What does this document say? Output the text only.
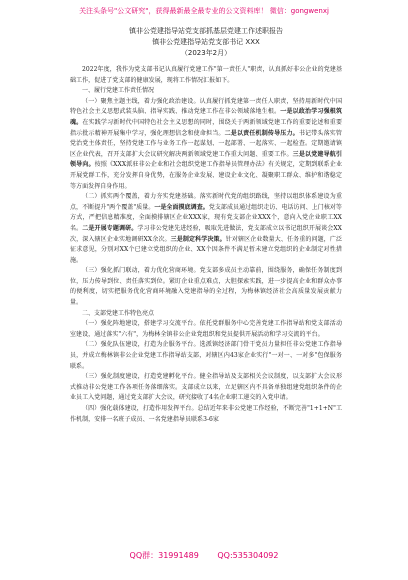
关注头条号"公文研究"，获得最新最全最专业的公文资料库！ 微信：gongwenxj
镇非公党建指导站党支部抓基层党建工作述职报告
镇非公党建指导站党支部书记 XXX
（2023年2月）

2022年度，我作为党支部书记认真履行党建工作"第一责任人"职责，认真抓好非公企业的党建基础工作，促进了党支部的健康发展，现将工作情况汇报如下。

一、履行党建工作责任情况

（一）聚焦主题主线，着力强化政治建设。认真履行抓党建第一责任人职责，坚持用新时代中国特色社会主义思想武装头脑、指导实践、推动党建工作在非公领域落地生根。一是以政治学习强根筑魂。在实践学习新时代中国特色社会主义思想的同时，围绕关于两新领域党建工作的重要论述和重要指示批示精神开展集中学习，强化理想信念和使命担当。二是以责任机制传导压力。书记带头落实管党治党主体责任，坚持党建工作与业务工作一起谋划、一起部署、一起落实、一起检查。定期邀请镇区企业代表，召开支部扩大会议研究解决两新领域党建工作重大问题、重要工作。三是以党建导航引领导向。按照《XXX派驻非公企业和社会组织党建工作指导员管理办法》有关规定，定期到联系企业开展党群工作，充分发挥自身优势，在服务企业发展、建设企业文化、凝聚职工群众、维护和谐稳定等方面发挥自身作用。

（二）抓实两个覆盖，着力夯实党建基础。落实新时代党的组织路线，坚持以组织体系建设为重点，不断提升"两个覆盖"质量。一是全面摸底调查。党支部成员通过组织走访、电话访问、上门核对等方式，严把信息精准度，全面摸排辖区企业XXX家，现有党支部企业XXX个，意向入党企业职工XX名。二是开展专题调研。学习非公党建先进经验，吸取先进做法，党支部成立以书记组织开展谈会XX次，深入辖区企业实地调研XX余次。三是制定科学决策。针对辖区企业数量大、任务重的问题，广泛征求意见，分别对XX个已建立党组织的企业、XX个因条件不满足暂未建立党组织的企业制定对性措施。

（三）强化抓门联动，着力优化营商环境。党支部多成员主动靠前，围绕服务，确保任务制度到位，压力传导到位、责任落实到位。紧盯企业重点难点，大胆探索实践，进一步提高企业和群众办事的便利度，切实把服务优化营商环境融入党建指导的全过程，为梅林镇经济社会高质量发展贡献力量。

二、支部党建工作特色亮点

（一）强化阵地建设，搭建学习交流平台。依托党群服务中心完善党建工作指导站和党支部活动室建设，通过落实"六有"，为梅林全镇非公企业党组织和党员提供开展活动和学习交流的平台。

（二）强化队伍建设，打造为企服务平台。选派镇经济部门骨干党员力量担任非公党建工作指导员，并成立梅林镇非公企业党建工作指导站支部，对辖区内43家企业实行"一对一、一对多"包保服务联系。

（三）强化制度建设，打造党建孵化平台。健全指导站及支部相关会议制度，以支部扩大会议形式推动非公党建工作各项任务落细落实。支部成立以来，立足辖区内不具备单独组建党组织条件的企业员工入党问题，通过党支部扩大会议，研究接收了4名企业职工递交的入党申请。

（四）强化载体建设，打造作用发挥平台。总结近年来非公党建工作经验，不断完善"1+1+N"工作机制，安排一名班子成员、一名党建指导员联系3-6家

QQ群：31991489 QQ:535304092
